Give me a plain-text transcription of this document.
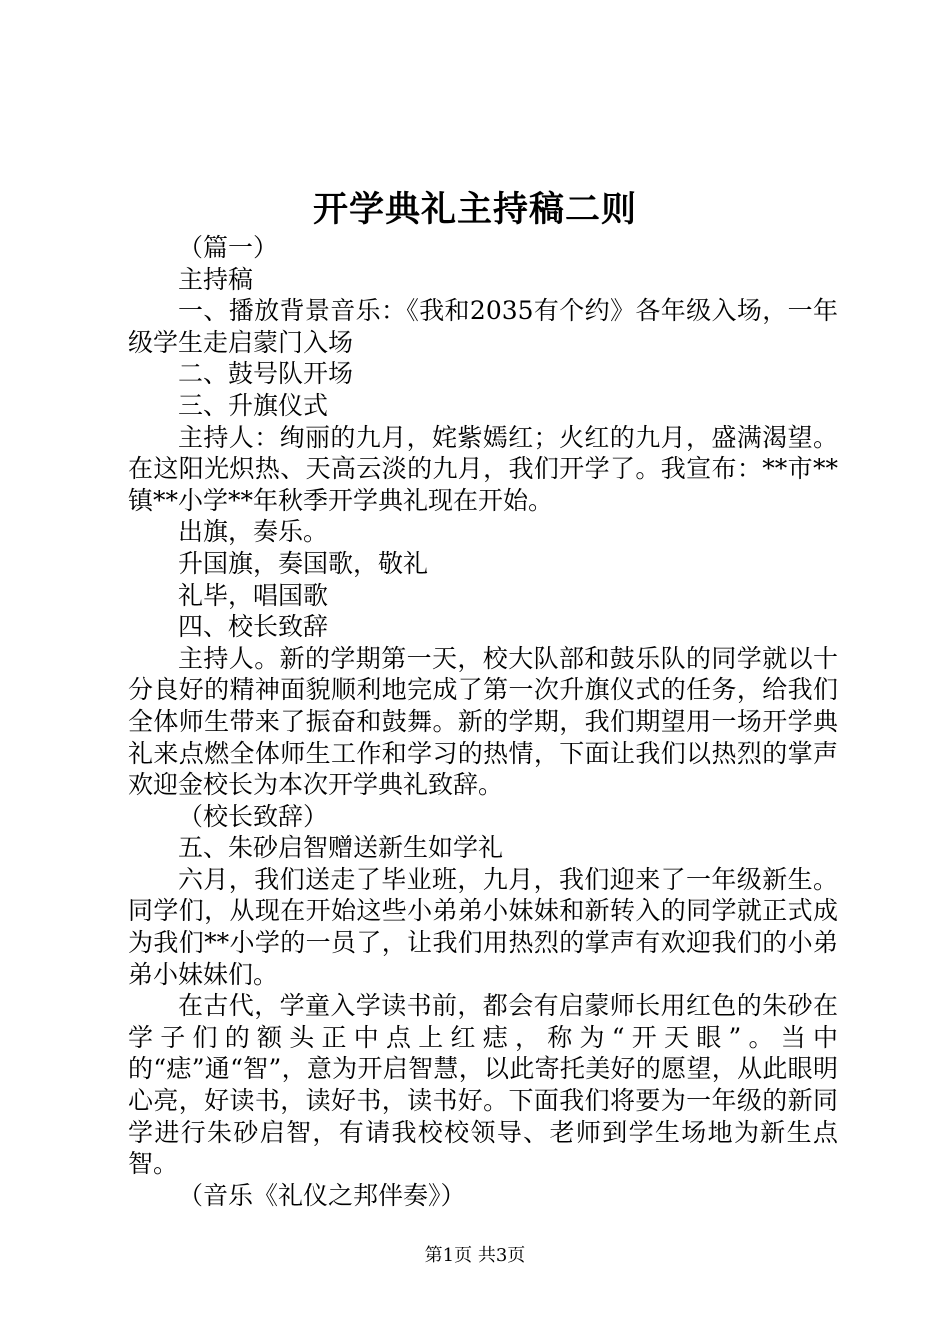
开学典礼主持稿二则

（篇一）

主持稿

一、播放背景音乐：《我和2035有个约》各年级入场，一年级学生走启蒙门入场

二、鼓号队开场

三、升旗仪式

主持人：绚丽的九月，姹紫嫣红；火红的九月，盛满渴望。在这阳光炽热、天高云淡的九月，我们开学了。我宣布：**市**镇**小学**年秋季开学典礼现在开始。

出旗，奏乐。

升国旗，奏国歌，敬礼

礼毕，唱国歌

四、校长致辞

主持人。新的学期第一天，校大队部和鼓乐队的同学就以十分良好的精神面貌顺利地完成了第一次升旗仪式的任务，给我们全体师生带来了振奋和鼓舞。新的学期，我们期望用一场开学典礼来点燃全体师生工作和学习的热情，下面让我们以热烈的掌声欢迎金校长为本次开学典礼致辞。

（校长致辞）

五、朱砂启智赠送新生如学礼

六月，我们送走了毕业班，九月，我们迎来了一年级新生。同学们，从现在开始这些小弟弟小妹妹和新转入的同学就正式成为我们**小学的一员了，让我们用热烈的掌声有欢迎我们的小弟弟小妹妹们。

在古代，学童入学读书前，都会有启蒙师长用红色的朱砂在学子们的额头正中点上红痣，称为“开天眼”。当中的“痣”通“智”，意为开启智慧，以此寄托美好的愿望，从此眼明心亮，好读书，读好书，读书好。下面我们将要为一年级的新同学进行朱砂启智，有请我校校领导、老师到学生场地为新生点智。

（音乐《礼仪之邦伴奏》）

第1页 共3页
